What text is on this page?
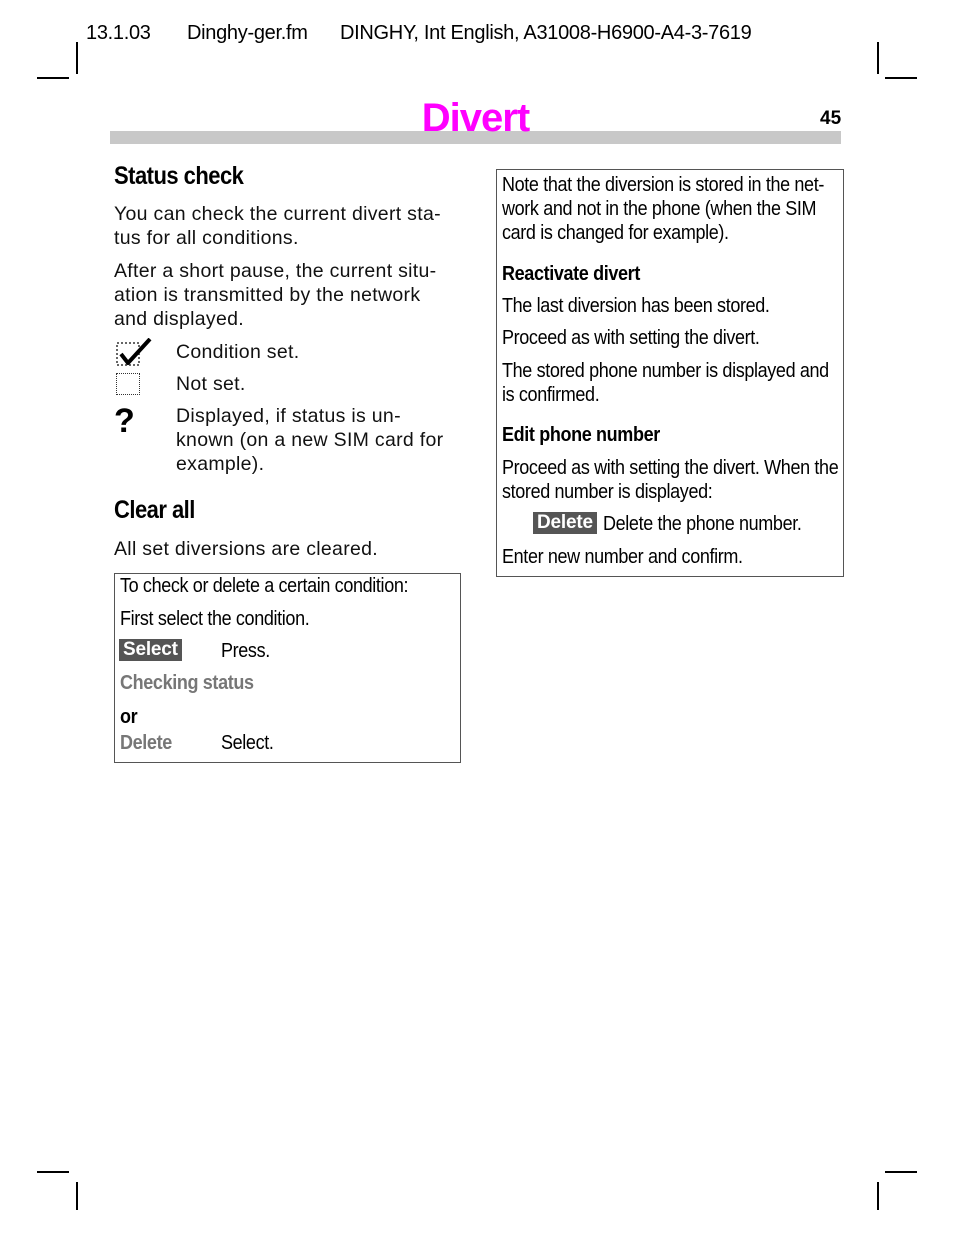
13.1.03 Dinghy-ger.fm DINGHY, Int English, A31008-H6900-A4-3-7619
Divert	45
Status check
You can check the current divert sta-
tus for all conditions.
After a short pause, the current situ-
ation is transmitted by the network
and displayed.
Condition set.
Not set.
? Displayed, if status is un-
known (on a new SIM card for
example).
Clear all
All set diversions are cleared.
To check or delete a certain condition:
First select the condition.
Select Press.
Checking status
or
Delete Select.
Note that the diversion is stored in the net-
work and not in the phone (when the SIM
card is changed for example).
Reactivate divert
The last diversion has been stored.
Proceed as with setting the divert.
The stored phone number is displayed and
is confirmed.
Edit phone number
Proceed as with setting the divert. When the
stored number is displayed:
Delete Delete the phone number.
Enter new number and confirm.
